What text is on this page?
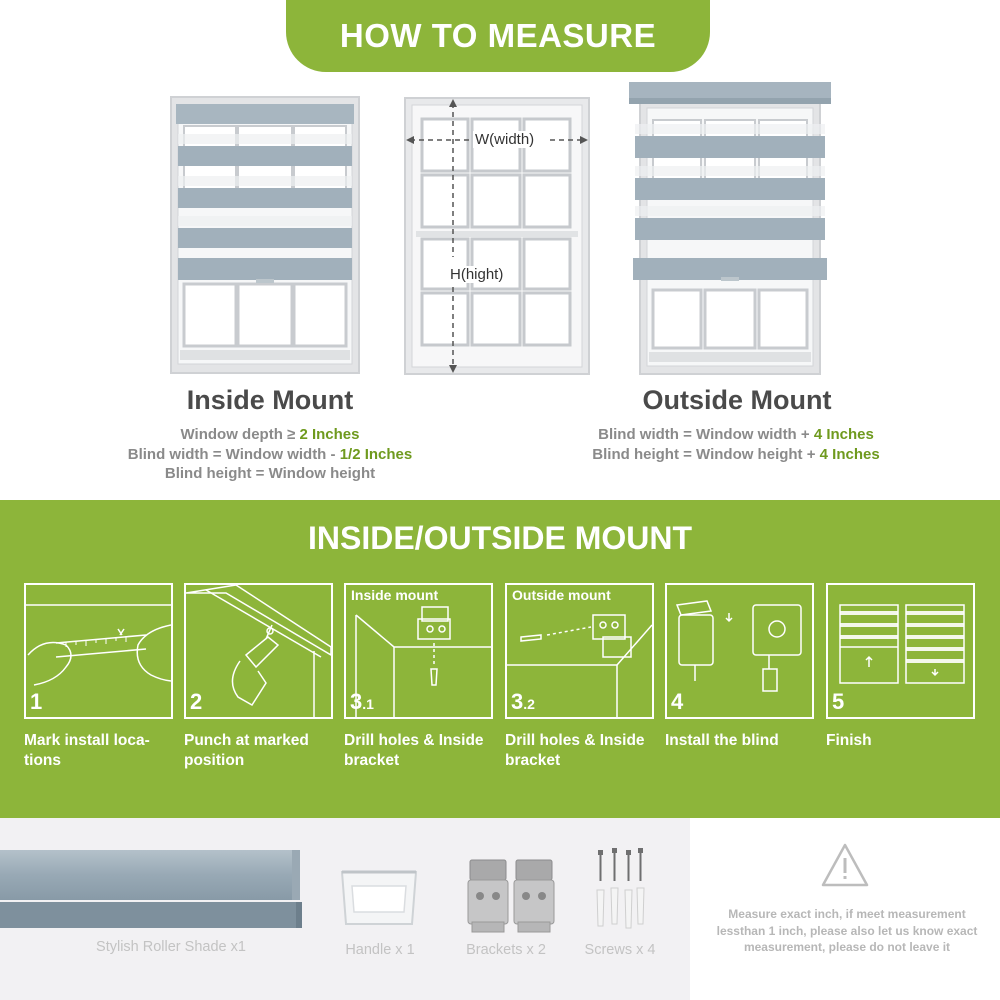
HOW TO MEASURE
W(width)
H(hight)
Inside Mount	Outside Mount
Window depth ≥ 2 Inches
Blind width = Window width - 1/2 Inches
Blind height = Window height
Blind width = Window width + 4 Inches
Blind height = Window height + 4 Inches
INSIDE/OUTSIDE MOUNT
1
Mark install loca-
tions
2
Punch at marked position
Inside mount
3.1
Drill holes & Inside bracket
Outside mount
3.2
Drill holes & Inside bracket
4
Install the blind
5
Finish
Stylish Roller Shade x1	Handle x 1	Brackets x 2	Screws x 4
Measure exact inch, if meet measurement lessthan 1 inch, please also let us know exact measurement, please do not leave it
